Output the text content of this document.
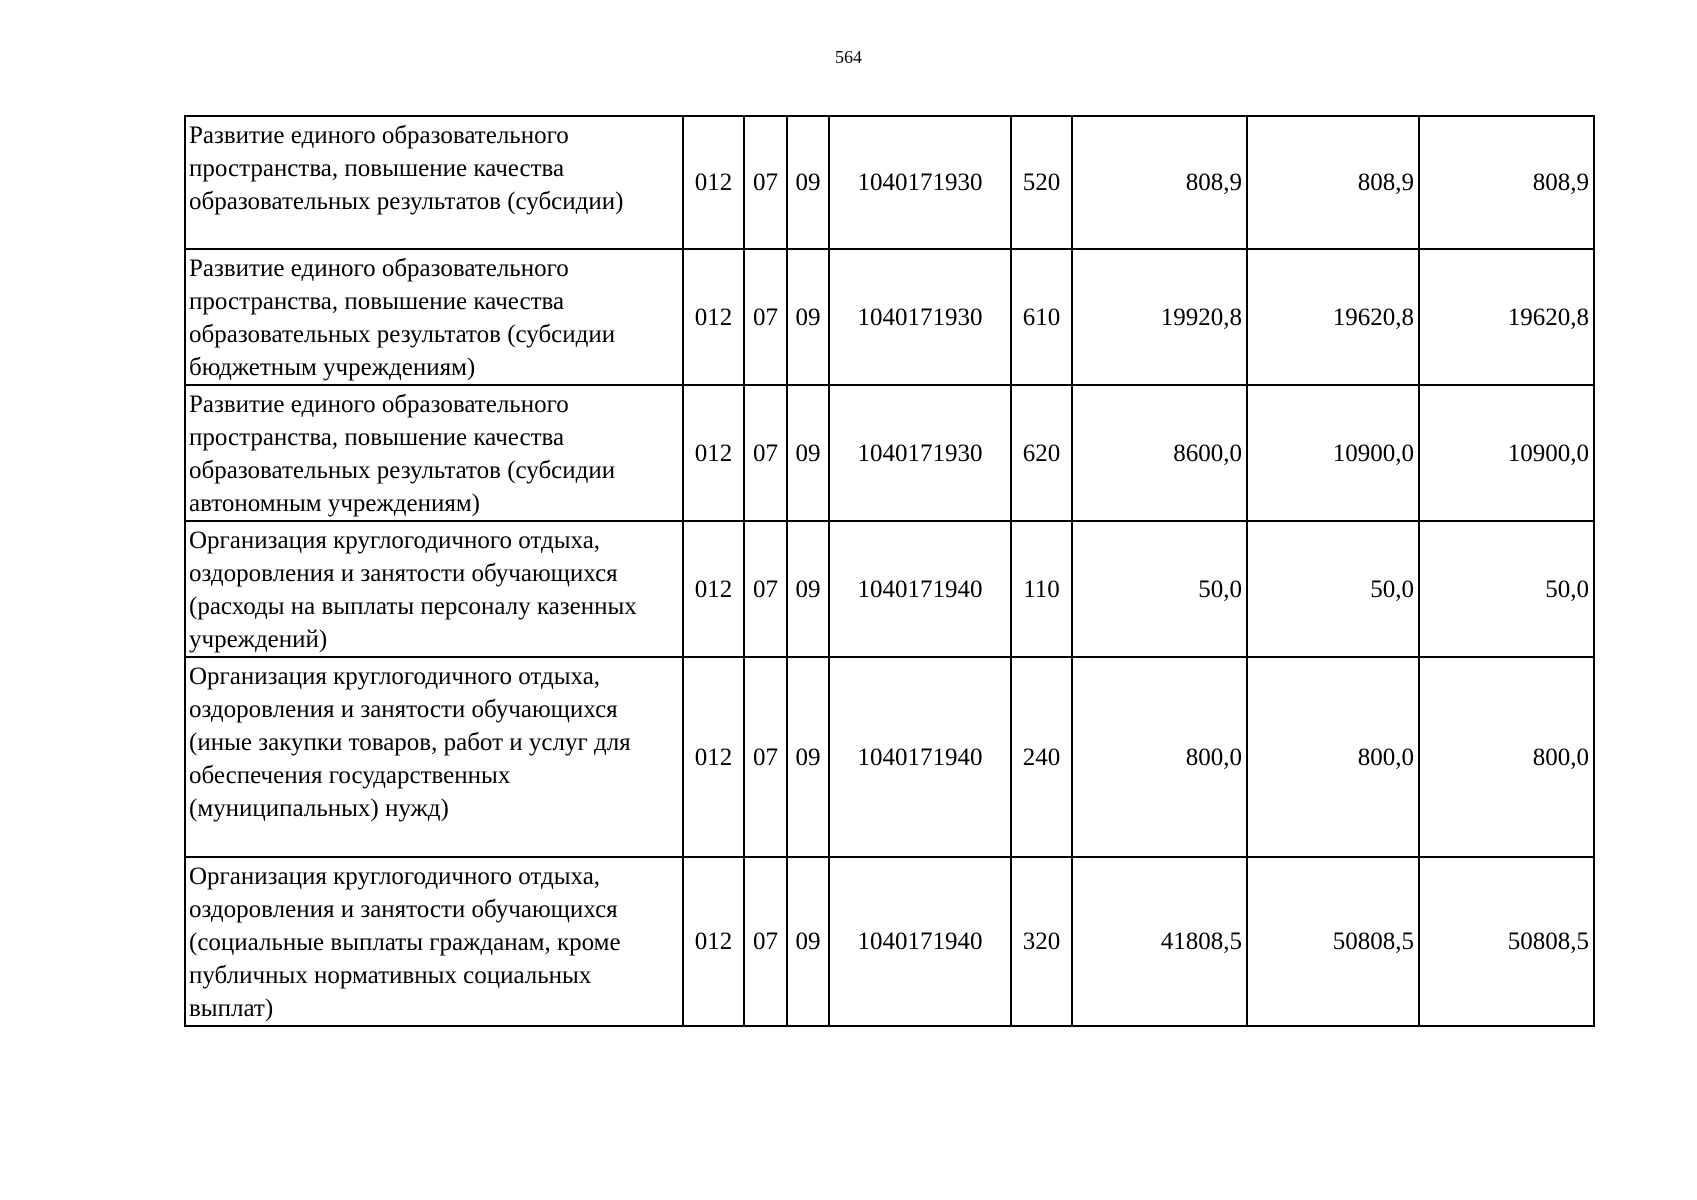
564
Развитие единого образовательного пространства, повышение качества образовательных результатов (субсидии)	012	07	09	1040171930	520	808,9	808,9	808,9
Развитие единого образовательного пространства, повышение качества образовательных результатов (субсидии бюджетным учреждениям)	012	07	09	1040171930	610	19920,8	19620,8	19620,8
Развитие единого образовательного пространства, повышение качества образовательных результатов (субсидии автономным учреждениям)	012	07	09	1040171930	620	8600,0	10900,0	10900,0
Организация круглогодичного отдыха, оздоровления и занятости обучающихся (расходы на выплаты персоналу казенных учреждений)	012	07	09	1040171940	110	50,0	50,0	50,0
Организация круглогодичного отдыха, оздоровления и занятости обучающихся (иные закупки товаров, работ и услуг для обеспечения государственных (муниципальных) нужд)	012	07	09	1040171940	240	800,0	800,0	800,0
Организация круглогодичного отдыха, оздоровления и занятости обучающихся (социальные выплаты гражданам, кроме публичных нормативных социальных выплат)	012	07	09	1040171940	320	41808,5	50808,5	50808,5
